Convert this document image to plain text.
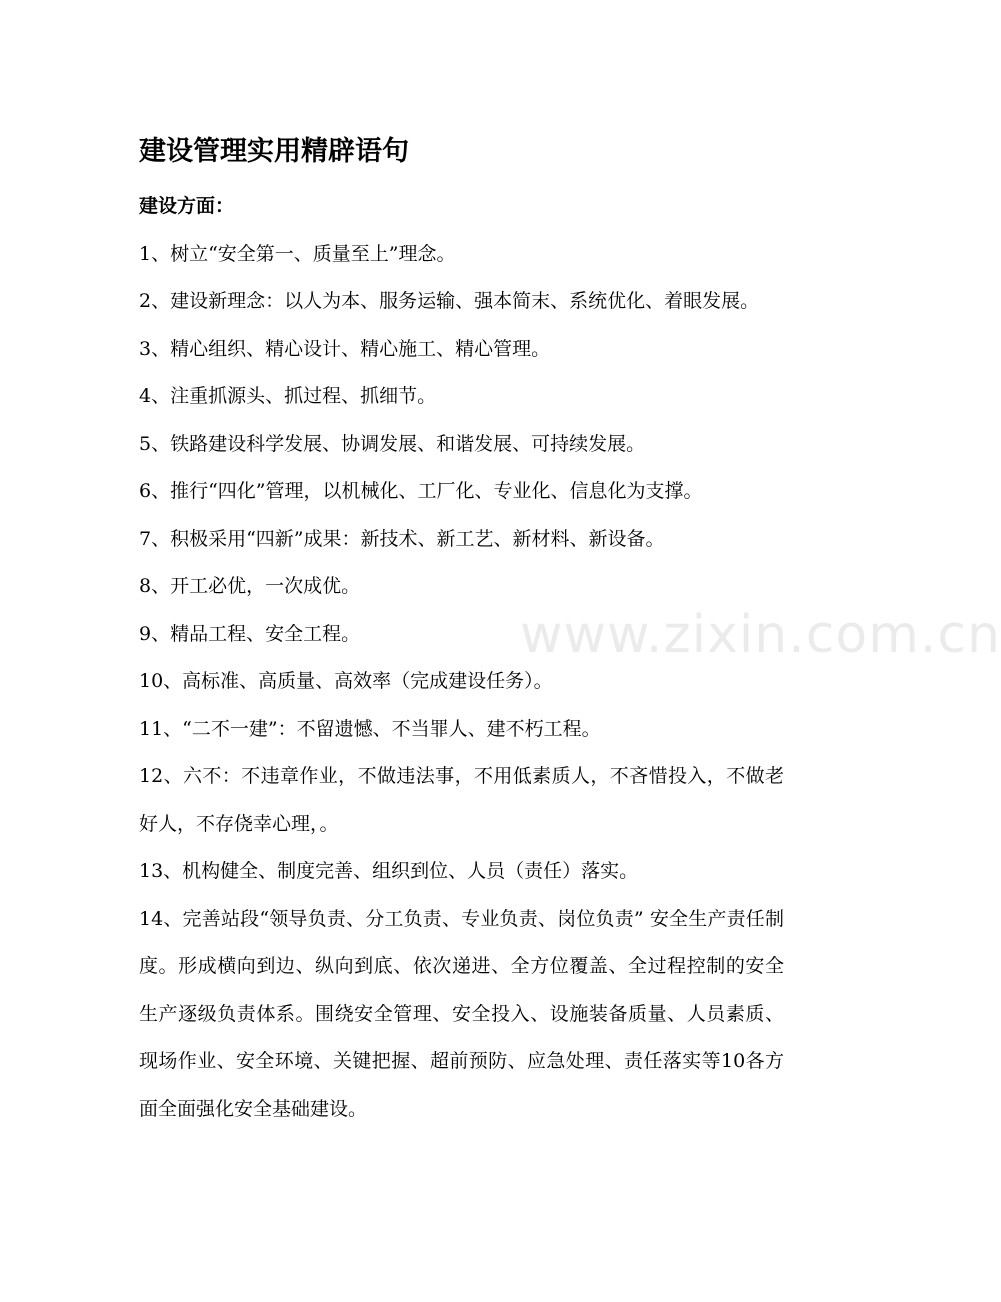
建设管理实用精辟语句

建设方面：

1、树立“安全第一、质量至上”理念。

2、建设新理念：以人为本、服务运输、强本简末、系统优化、着眼发展。

3、精心组织、精心设计、精心施工、精心管理。

4、注重抓源头、抓过程、抓细节。

5、铁路建设科学发展、协调发展、和谐发展、可持续发展。

6、推行“四化”管理，以机械化、工厂化、专业化、信息化为支撑。

7、积极采用“四新”成果：新技术、新工艺、新材料、新设备。

8、开工必优，一次成优。

9、精品工程、安全工程。

10、高标准、高质量、高效率（完成建设任务）。

11、“二不一建”：不留遗憾、不当罪人、建不朽工程。

12、六不：不违章作业，不做违法事，不用低素质人，不吝惜投入，不做老好人，不存侥幸心理，。

13、机构健全、制度完善、组织到位、人员（责任）落实。

14、完善站段“领导负责、分工负责、专业负责、岗位负责” 安全生产责任制度。形成横向到边、纵向到底、依次递进、全方位覆盖、全过程控制的安全生产逐级负责体系。围绕安全管理、安全投入、设施装备质量、人员素质、现场作业、安全环境、关键把握、超前预防、应急处理、责任落实等10各方面全面强化安全基础建设。

www.zixin.com.cn
